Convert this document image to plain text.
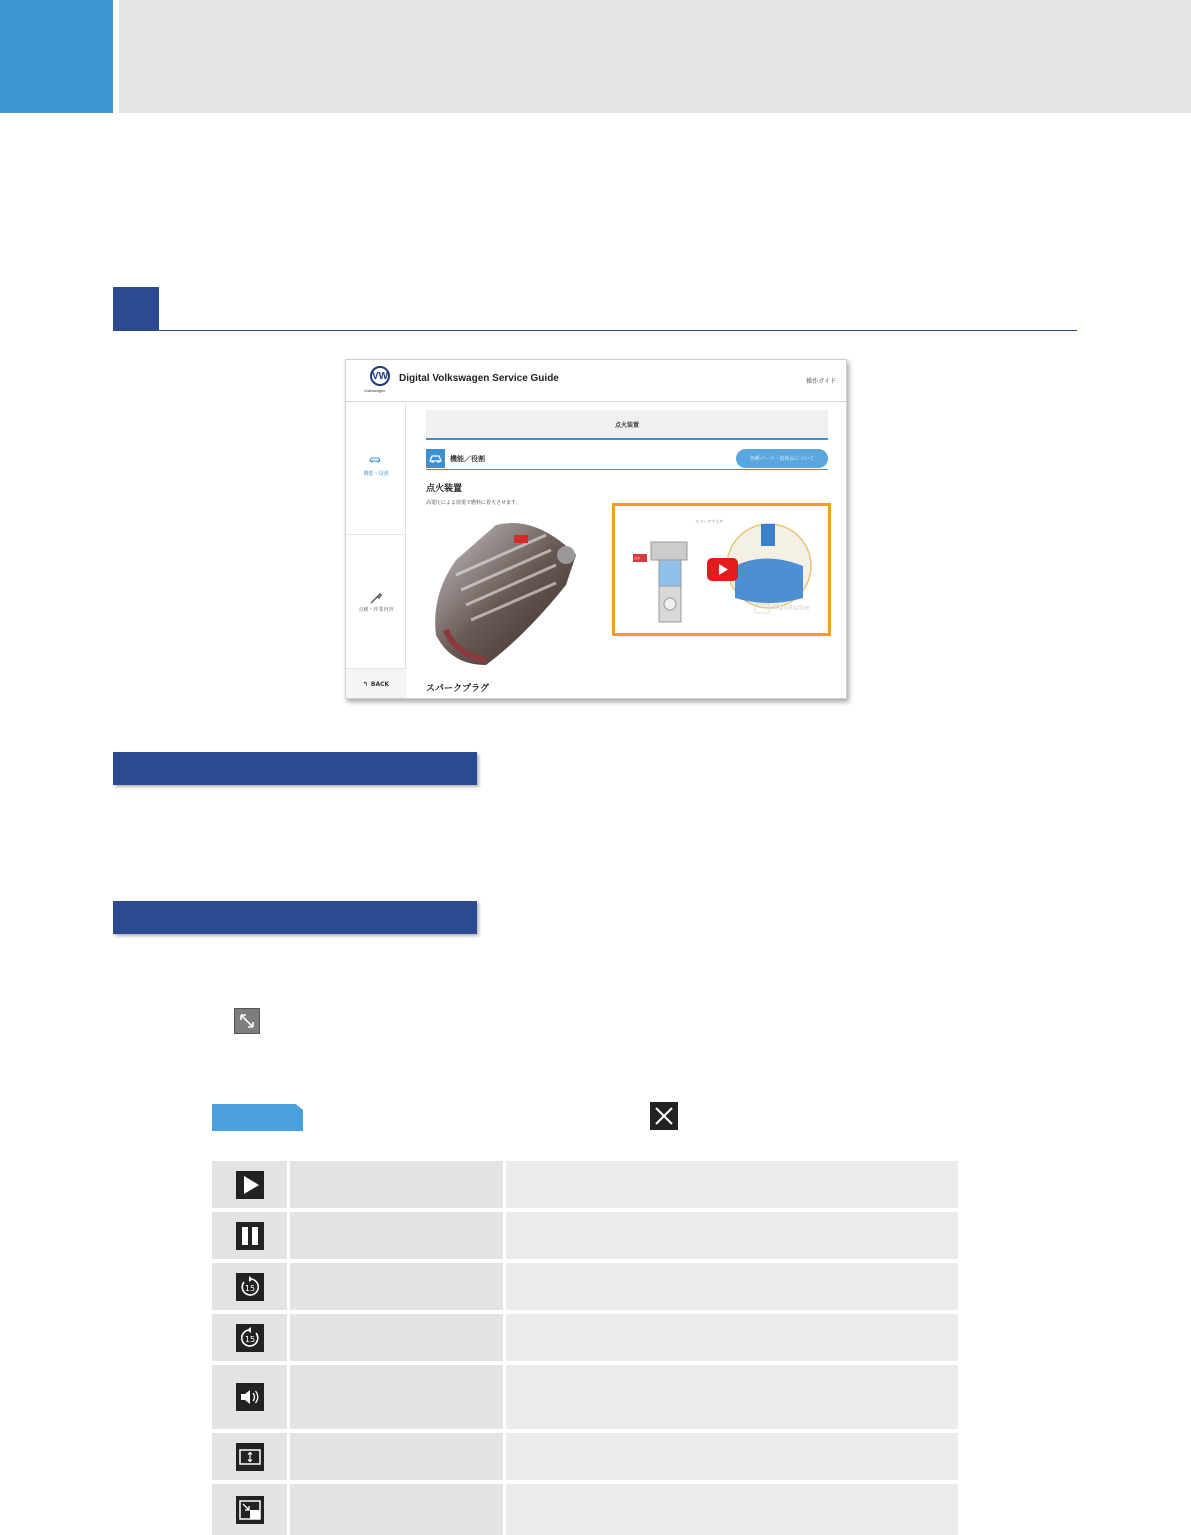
VW
Volkswagen
Digital Volkswagen Service Guide	操作ガイド
機能・役割
点検・作業内容
↰ BACK
点火装置
機能／役割	各種パーツ・消耗品について
点火装置
高電圧による放電で燃料に着火させます。
スパークプラグ
点火
Youtube
スパークプラグ
15
15
